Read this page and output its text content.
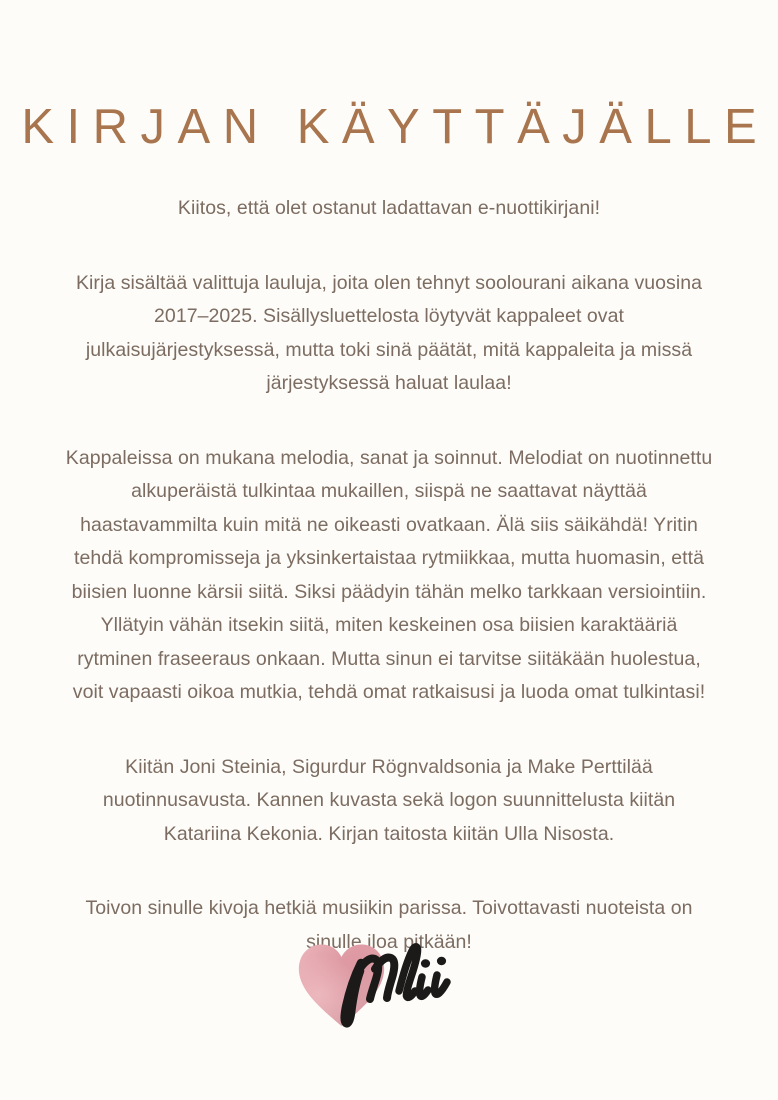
KIRJAN KÄYTTÄJÄLLE

Kiitos, että olet ostanut ladattavan e-nuottikirjani!

Kirja sisältää valittuja lauluja, joita olen tehnyt soolourani aikana vuosina 2017–2025. Sisällysluettelosta löytyvät kappaleet ovat julkaisujärjestyksessä, mutta toki sinä päätät, mitä kappaleita ja missä järjestyksessä haluat laulaa!

Kappaleissa on mukana melodia, sanat ja soinnut. Melodiat on nuotinnettu alkuperäistä tulkintaa mukaillen, siispä ne saattavat näyttää haastavammilta kuin mitä ne oikeasti ovatkaan. Älä siis säikähdä! Yritin tehdä kompromisseja ja yksinkertaistaa rytmiikkaa, mutta huomasin, että biisien luonne kärsii siitä. Siksi päädyin tähän melko tarkkaan versiointiin. Yllätyin vähän itsekin siitä, miten keskeinen osa biisien karaktääriä rytminen fraseeraus onkaan. Mutta sinun ei tarvitse siitäkään huolestua, voit vapaasti oikoa mutkia, tehdä omat ratkaisusi ja luoda omat tulkintasi!

Kiitän Joni Steinia, Sigurdur Rögnvaldsonia ja Make Perttilää nuotinnusavusta. Kannen kuvasta sekä logon suunnittelusta kiitän Katariina Kekonia. Kirjan taitosta kiitän Ulla Nisosta.

Toivon sinulle kivoja hetkiä musiikin parissa. Toivottavasti nuoteista on sinulle iloa pitkään!
